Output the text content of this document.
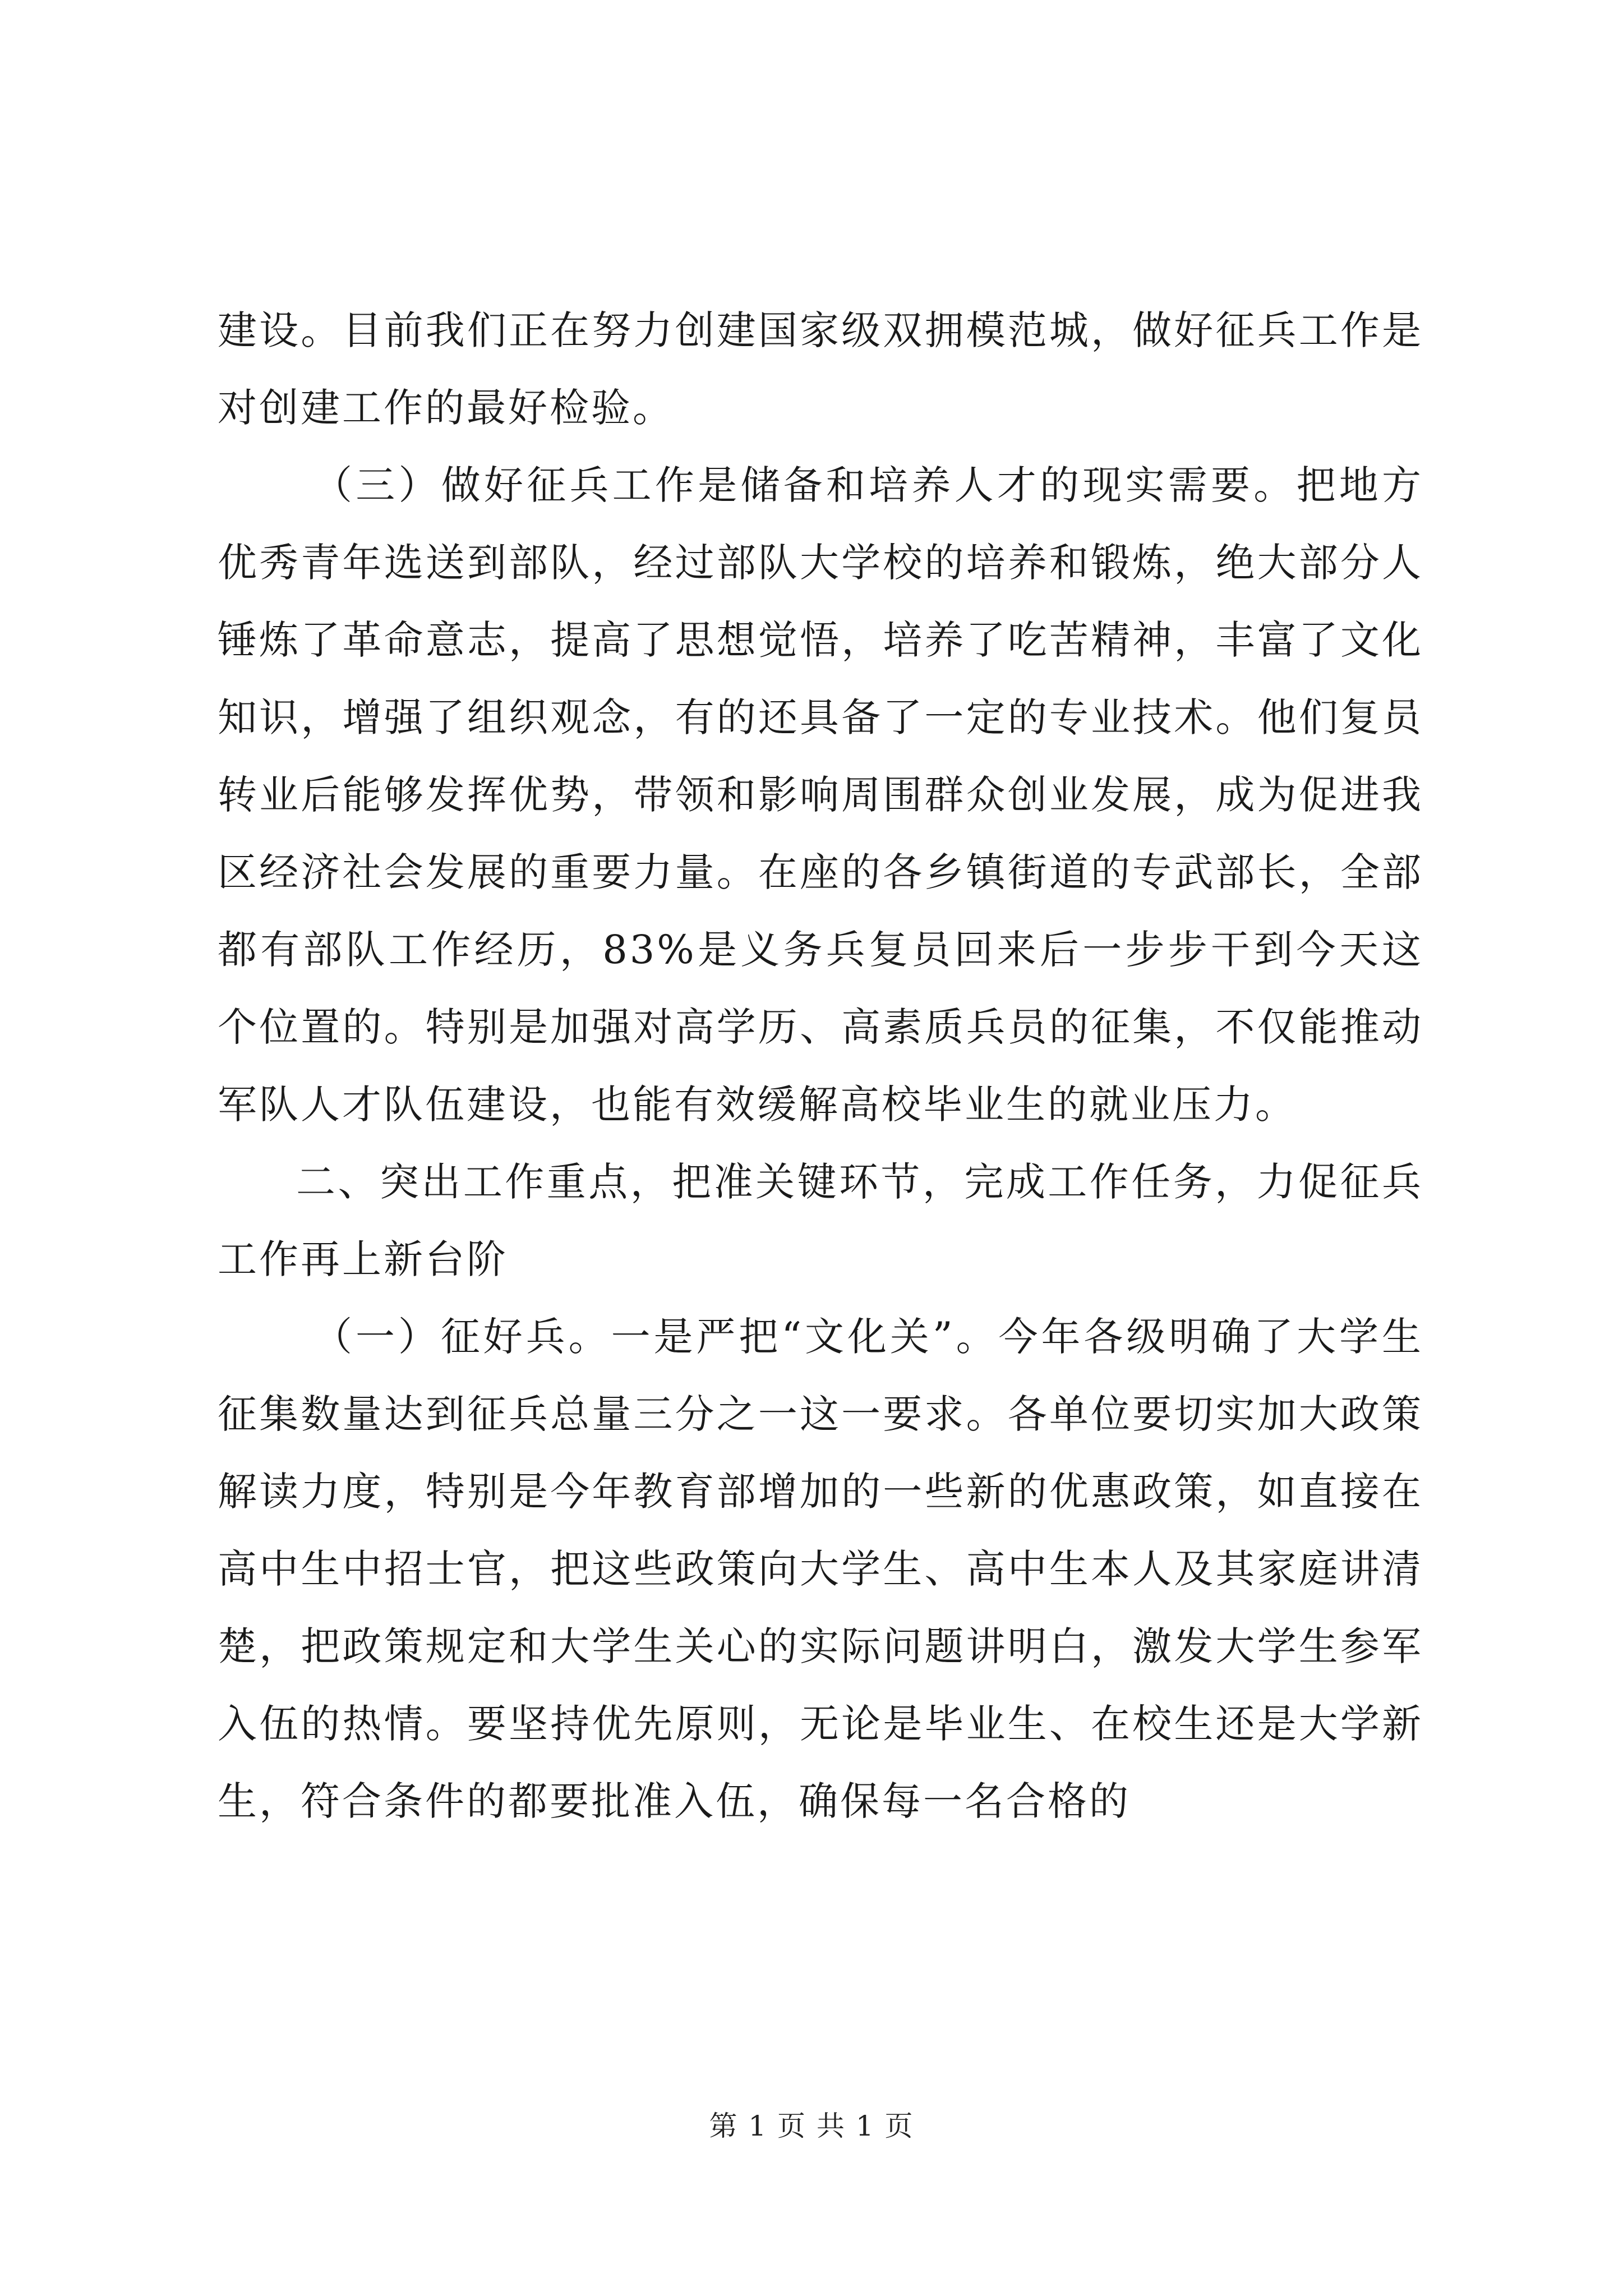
建设。目前我们正在努力创建国家级双拥模范城，做好征兵工作是对创建工作的最好检验。

（三）做好征兵工作是储备和培养人才的现实需要。把地方优秀青年选送到部队，经过部队大学校的培养和锻炼，绝大部分人锤炼了革命意志，提高了思想觉悟，培养了吃苦精神，丰富了文化知识，增强了组织观念，有的还具备了一定的专业技术。他们复员转业后能够发挥优势，带领和影响周围群众创业发展，成为促进我区经济社会发展的重要力量。在座的各乡镇街道的专武部长，全部都有部队工作经历，83%是义务兵复员回来后一步步干到今天这个位置的。特别是加强对高学历、高素质兵员的征集，不仅能推动军队人才队伍建设，也能有效缓解高校毕业生的就业压力。

二、突出工作重点，把准关键环节，完成工作任务，力促征兵工作再上新台阶

（一）征好兵。一是严把“文化关”。今年各级明确了大学生征集数量达到征兵总量三分之一这一要求。各单位要切实加大政策解读力度，特别是今年教育部增加的一些新的优惠政策，如直接在高中生中招士官，把这些政策向大学生、高中生本人及其家庭讲清楚，把政策规定和大学生关心的实际问题讲明白，激发大学生参军入伍的热情。要坚持优先原则，无论是毕业生、在校生还是大学新生，符合条件的都要批准入伍，确保每一名合格的

第 1 页 共 1 页
